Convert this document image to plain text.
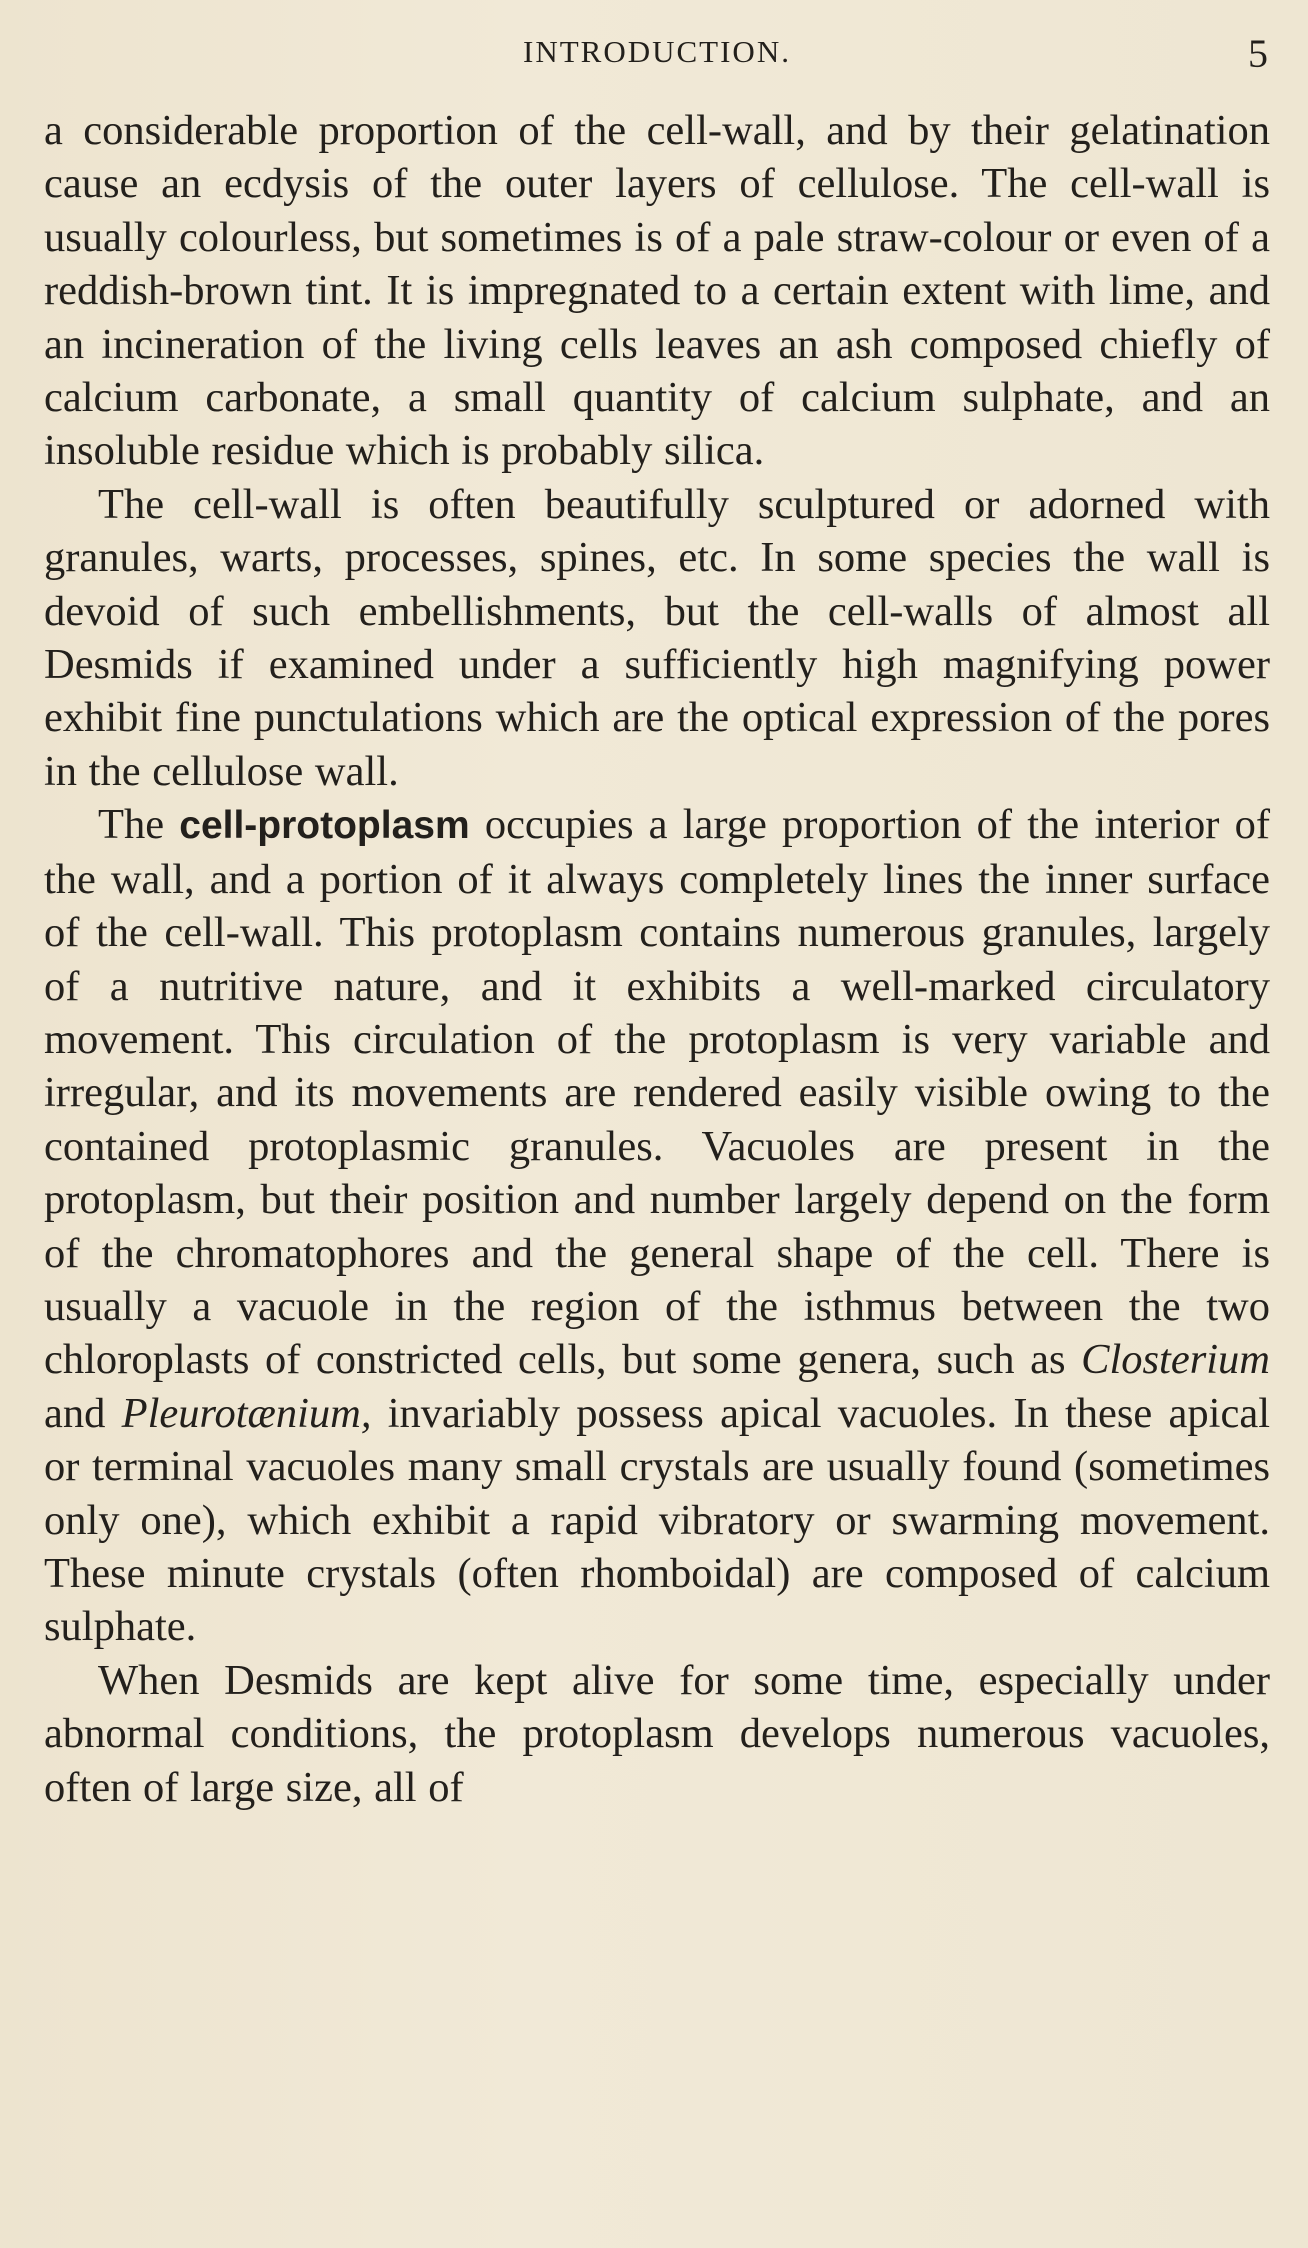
INTRODUCTION.	5

a considerable proportion of the cell-wall, and by their gelatination cause an ecdysis of the outer layers of cellulose. The cell-wall is usually colourless, but sometimes is of a pale straw-colour or even of a reddish-brown tint. It is impregnated to a certain extent with lime, and an incineration of the living cells leaves an ash composed chiefly of calcium carbonate, a small quantity of calcium sulphate, and an insoluble residue which is probably silica.

The cell-wall is often beautifully sculptured or adorned with granules, warts, processes, spines, etc. In some species the wall is devoid of such embellishments, but the cell-walls of almost all Desmids if examined under a sufficiently high magnifying power exhibit fine punctulations which are the optical expression of the pores in the cellulose wall.

The cell-protoplasm occupies a large proportion of the interior of the wall, and a portion of it always completely lines the inner surface of the cell-wall. This protoplasm contains numerous granules, largely of a nutritive nature, and it exhibits a well-marked circulatory movement. This circulation of the protoplasm is very variable and irregular, and its movements are rendered easily visible owing to the contained protoplasmic granules. Vacuoles are present in the protoplasm, but their position and number largely depend on the form of the chromatophores and the general shape of the cell. There is usually a vacuole in the region of the isthmus between the two chloroplasts of constricted cells, but some genera, such as Closterium and Pleurotænium, invariably possess apical vacuoles. In these apical or terminal vacuoles many small crystals are usually found (sometimes only one), which exhibit a rapid vibratory or swarming movement. These minute crystals (often rhomboidal) are composed of calcium sulphate.

When Desmids are kept alive for some time, especially under abnormal conditions, the protoplasm develops numerous vacuoles, often of large size, all of
